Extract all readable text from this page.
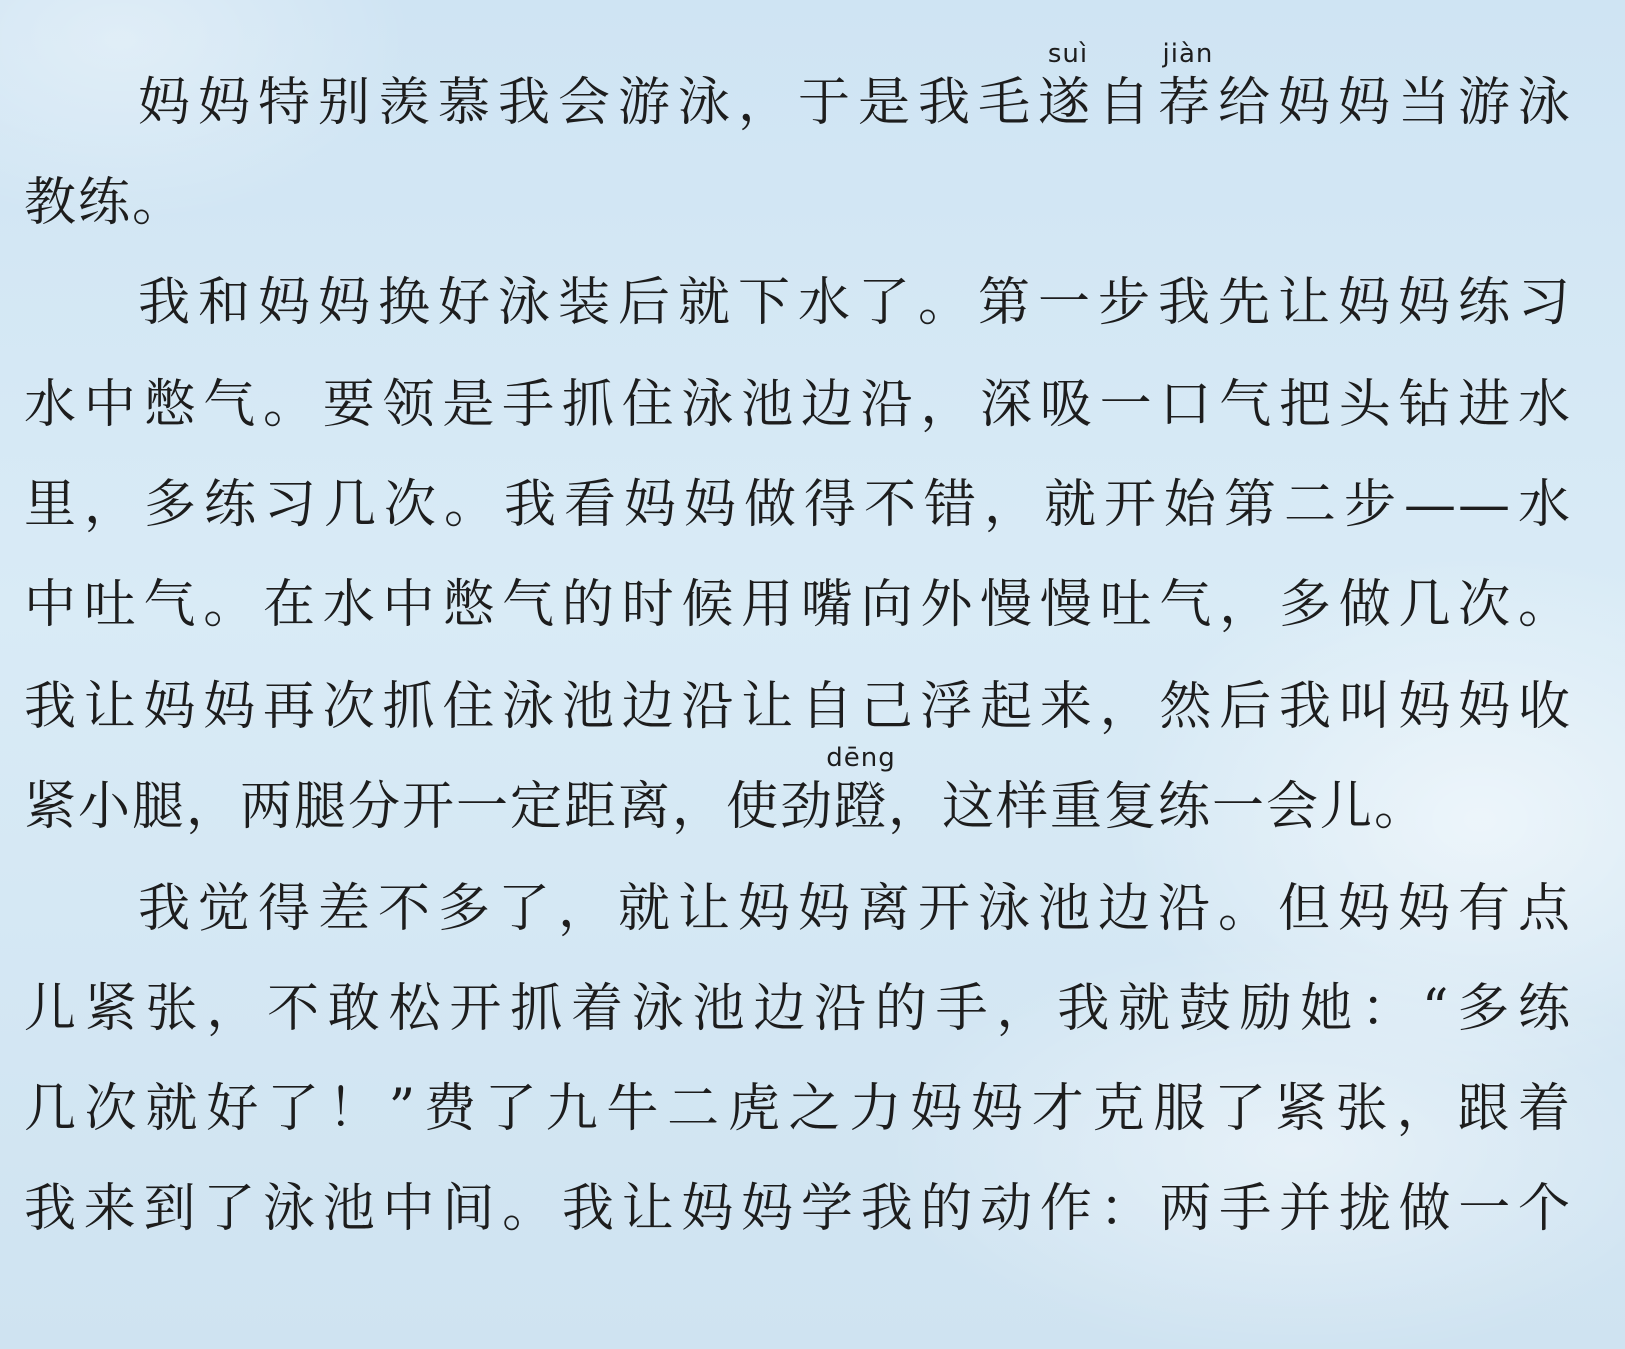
妈妈特别羡慕我会游泳，于是我毛
suì
遂自
jiàn
荐给妈妈当游泳
教练。
我和妈妈换好泳装后就下水了。第一步我先让妈妈练习
水中憋气。要领是手抓住泳池边沿，深吸一口气把头钻进水
里，多练习几次。我看妈妈做得不错，就开始第二步——水
中吐气。在水中憋气的时候用嘴向外慢慢吐气，多做几次。
我让妈妈再次抓住泳池边沿让自己浮起来，然后我叫妈妈收
紧小腿，两腿分开一定距离，使劲
dēng
蹬，这样重复练一会儿。
我觉得差不多了，就让妈妈离开泳池边沿。但妈妈有点
儿紧张，不敢松开抓着泳池边沿的手，我就鼓励她：“多练
几次就好了！”费了九牛二虎之力妈妈才克服了紧张，跟着
我来到了泳池中间。我让妈妈学我的动作：两手并拢做一个
